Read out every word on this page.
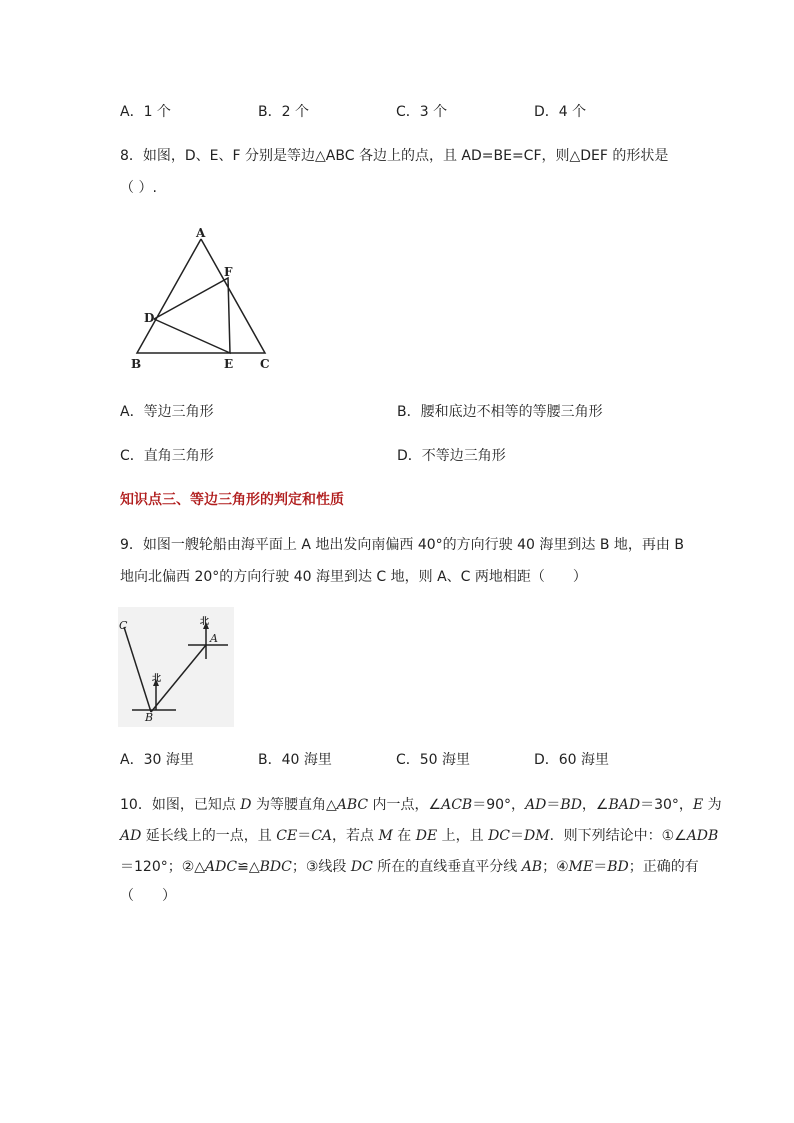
A．1 个	B．2 个	C．3 个	D．4 个
8．如图，D、E、F 分别是等边△ABC 各边上的点，且 AD=BE=CF，则△DEF 的形状是
（ ）.
A
F
D
B	E C
A．等边三角形	B．腰和底边不相等的等腰三角形
C．直角三角形	D．不等边三角形
知识点三、等边三角形的判定和性质
9．如图一艘轮船由海平面上 A 地出发向南偏西 40°的方向行驶 40 海里到达 B 地，再由 B
地向北偏西 20°的方向行驶 40 海里到达 C 地，则 A、C 两地相距（　　）
C
B
A
北
北
A．30 海里	B．40 海里	C．50 海里	D．60 海里
10．如图，已知点 D 为等腰直角△ABC 内一点，∠ACB＝90°，AD＝BD，∠BAD＝30°，E 为
AD 延长线上的一点，且 CE＝CA，若点 M 在 DE 上，且 DC＝DM．则下列结论中：①∠ADB
＝120°；②△ADC≌△BDC；③线段 DC 所在的直线垂直平分线 AB；④ME＝BD；正确的有
（　　）
